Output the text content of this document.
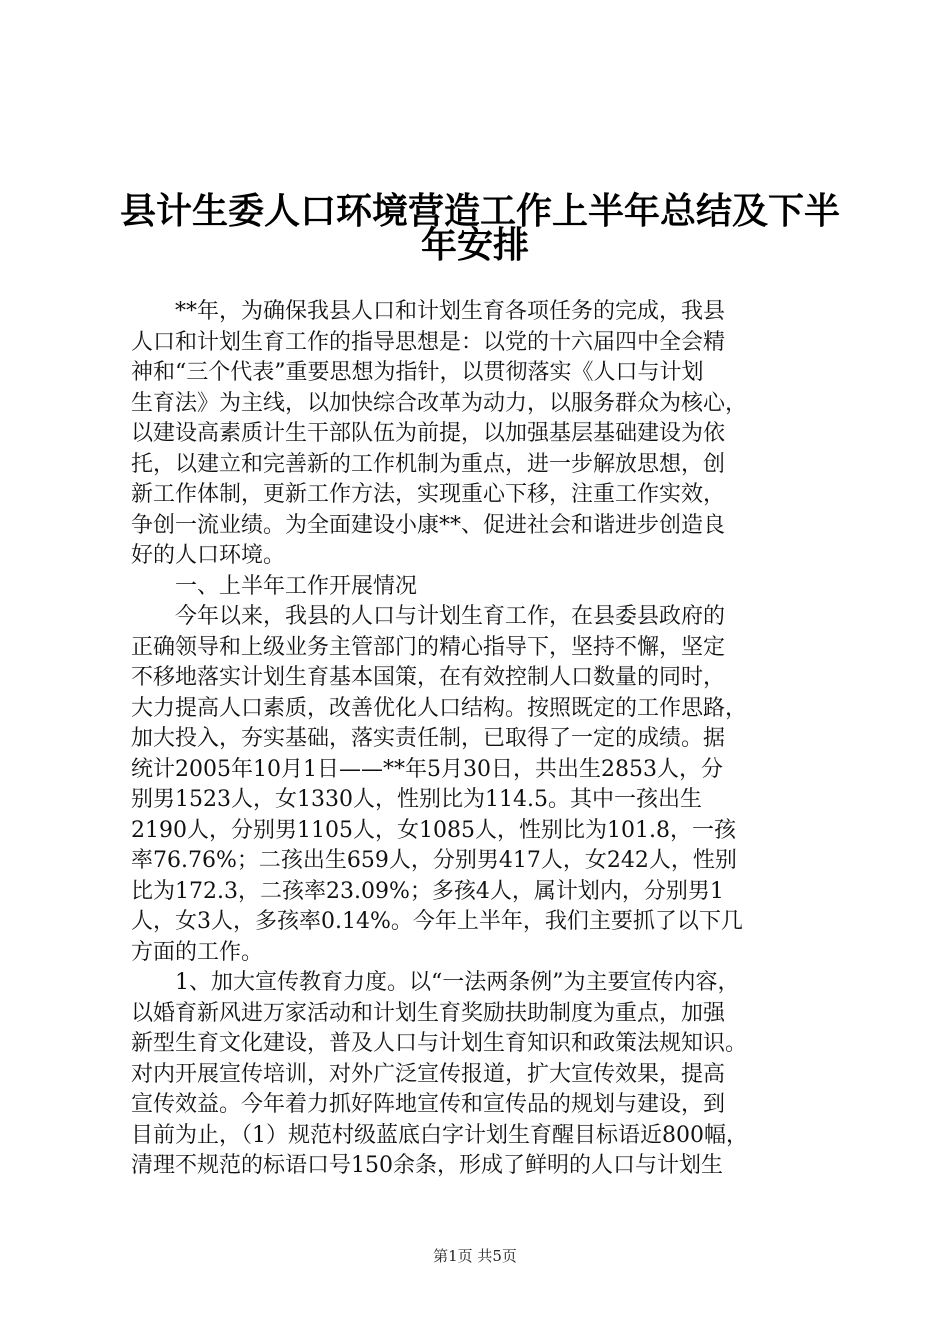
县计生委人口环境营造工作上半年总结及下半
年安排
　　**年，为确保我县人口和计划生育各项任务的完成，我县
人口和计划生育工作的指导思想是：以党的十六届四中全会精
神和“三个代表”重要思想为指针，以贯彻落实《人口与计划
生育法》为主线，以加快综合改革为动力，以服务群众为核心，
以建设高素质计生干部队伍为前提，以加强基层基础建设为依
托，以建立和完善新的工作机制为重点，进一步解放思想，创
新工作体制，更新工作方法，实现重心下移，注重工作实效，
争创一流业绩。为全面建设小康**、促进社会和谐进步创造良
好的人口环境。
　　一、上半年工作开展情况
　　今年以来，我县的人口与计划生育工作，在县委县政府的
正确领导和上级业务主管部门的精心指导下，坚持不懈，坚定
不移地落实计划生育基本国策，在有效控制人口数量的同时，
大力提高人口素质，改善优化人口结构。按照既定的工作思路，
加大投入，夯实基础，落实责任制，已取得了一定的成绩。据
统计2005年10月1日——**年5月30日，共出生2853人，分
别男1523人，女1330人，性别比为114.5。其中一孩出生
2190人，分别男1105人，女1085人，性别比为101.8，一孩
率76.76%；二孩出生659人，分别男417人，女242人，性别
比为172.3，二孩率23.09%；多孩4人，属计划内，分别男1
人，女3人，多孩率0.14%。今年上半年，我们主要抓了以下几
方面的工作。
　　1、加大宣传教育力度。以“一法两条例”为主要宣传内容，
以婚育新风进万家活动和计划生育奖励扶助制度为重点，加强
新型生育文化建设，普及人口与计划生育知识和政策法规知识。
对内开展宣传培训，对外广泛宣传报道，扩大宣传效果，提高
宣传效益。今年着力抓好阵地宣传和宣传品的规划与建设，到
目前为止，（1）规范村级蓝底白字计划生育醒目标语近800幅，
清理不规范的标语口号150余条，形成了鲜明的人口与计划生
第1页 共5页
